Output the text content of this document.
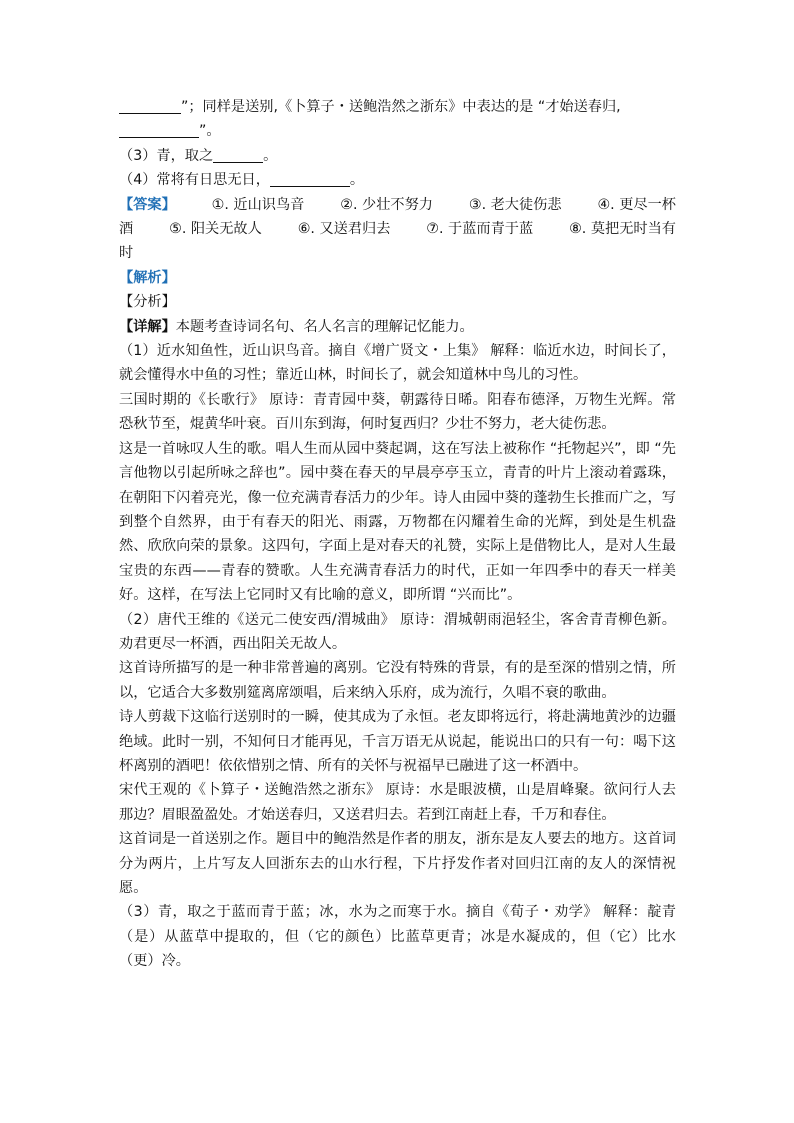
”；同样是送别,《卜算子・送鲍浩然之浙东》中表达的是 “才始送春归,

”。

（3）青，取之	。

（4）常将有日思无日，	。

【答案】	①. 近山识鸟音	②. 少壮不努力	③. 老大徒伤悲	④. 更尽一杯
酒	⑤. 阳关无故人	⑥. 又送君归去	⑦. 于蓝而青于蓝	⑧. 莫把无时当有

时

【解析】

【分析】

【详解】本题考查诗词名句、名人名言的理解记忆能力。

（1）近水知鱼性，近山识鸟音。摘自《增广贤文・上集》 解释：临近水边，时间长了，就会懂得水中鱼的习性；靠近山林，时间长了，就会知道林中鸟儿的习性。

三国时期的《长歌行》 原诗：青青园中葵，朝露待日晞。阳春布德泽，万物生光辉。常恐秋节至，焜黄华叶衰。百川东到海，何时复西归？少壮不努力，老大徒伤悲。

这是一首咏叹人生的歌。唱人生而从园中葵起调，这在写法上被称作 “托物起兴”，即 “先言他物以引起所咏之辞也”。园中葵在春天的早晨亭亭玉立，青青的叶片上滚动着露珠，在朝阳下闪着亮光，像一位充满青春活力的少年。诗人由园中葵的蓬勃生长推而广之，写到整个自然界，由于有春天的阳光、雨露，万物都在闪耀着生命的光辉，到处是生机盎然、欣欣向荣的景象。这四句，字面上是对春天的礼赞，实际上是借物比人，是对人生最宝贵的东西——青春的赞歌。人生充满青春活力的时代，正如一年四季中的春天一样美好。这样，在写法上它同时又有比喻的意义，即所谓 “兴而比”。

（2）唐代王维的《送元二使安西/渭城曲》 原诗：渭城朝雨浥轻尘，客舍青青柳色新。劝君更尽一杯酒，西出阳关无故人。

这首诗所描写的是一种非常普遍的离别。它没有特殊的背景，有的是至深的惜别之情，所以，它适合大多数别筵离席颂唱，后来纳入乐府，成为流行，久唱不衰的歌曲。

诗人剪裁下这临行送别时的一瞬，使其成为了永恒。老友即将远行，将赴满地黄沙的边疆绝域。此时一别，不知何日才能再见，千言万语无从说起，能说出口的只有一句：喝下这杯离别的酒吧！依依惜别之情、所有的关怀与祝福早已融进了这一杯酒中。

宋代王观的《卜算子・送鲍浩然之浙东》 原诗：水是眼波横，山是眉峰聚。欲问行人去那边？眉眼盈盈处。才始送春归，又送君归去。若到江南赶上春，千万和春住。

这首词是一首送别之作。题目中的鲍浩然是作者的朋友，浙东是友人要去的地方。这首词分为两片，上片写友人回浙东去的山水行程，下片抒发作者对回归江南的友人的深情祝愿。

（3）青，取之于蓝而青于蓝；冰，水为之而寒于水。摘自《荀子・劝学》 解释：靛青（是）从蓝草中提取的，但（它的颜色）比蓝草更青；冰是水凝成的，但（它）比水（更）冷。
